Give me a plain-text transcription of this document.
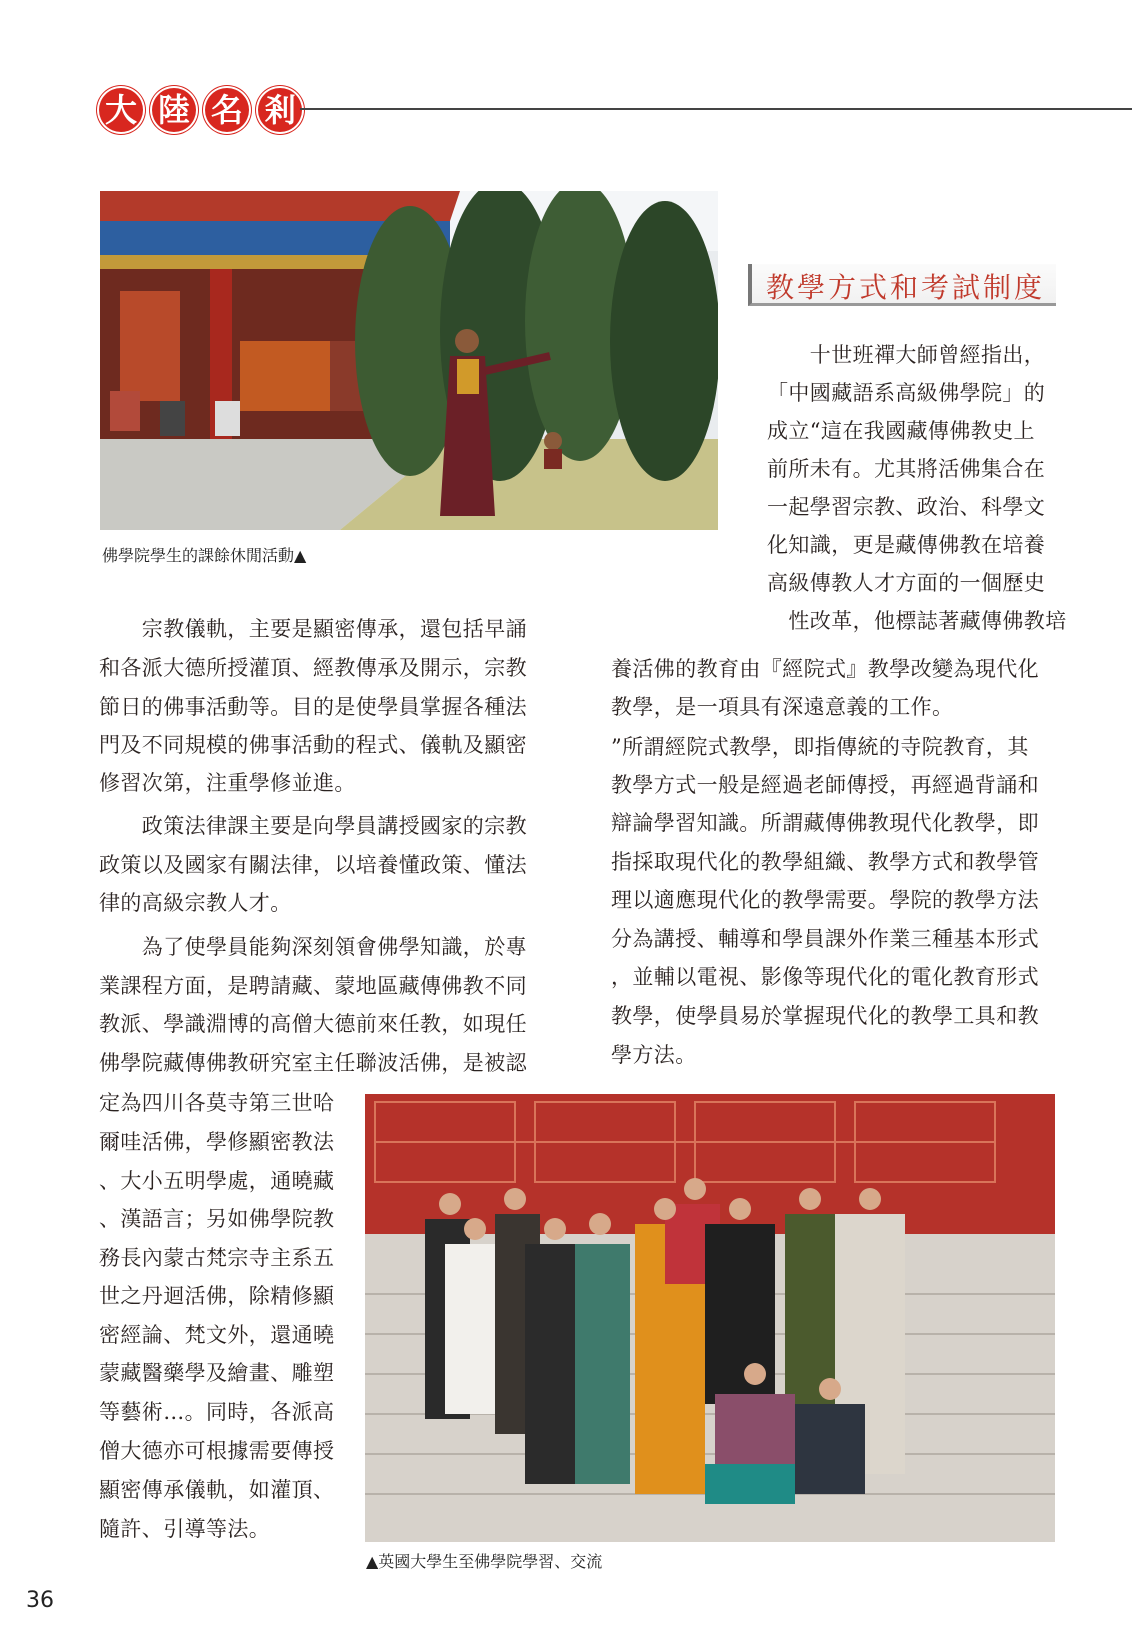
大 陸 名 剎
佛學院學生的課餘休閒活動▲
教學方式和考試制度
　　十世班禪大師曾經指出，
「中國藏語系高級佛學院」的
成立“這在我國藏傳佛教史上
前所未有。尤其將活佛集合在
一起學習宗教、政治、科學文
化知識，更是藏傳佛教在培養
高級傳教人才方面的一個歷史
　性改革，他標誌著藏傳佛教培
養活佛的教育由『經院式』教學改變為現代化
教學，是一項具有深遠意義的工作。
”所謂經院式教學，即指傳統的寺院教育，其
教學方式一般是經過老師傳授，再經過背誦和
辯論學習知識。所謂藏傳佛教現代化教學，即
指採取現代化的教學組織、教學方式和教學管
理以適應現代化的教學需要。學院的教學方法
分為講授、輔導和學員課外作業三種基本形式
，並輔以電視、影像等現代化的電化教育形式
教學，使學員易於掌握現代化的教學工具和教
學方法。
　　宗教儀軌，主要是顯密傳承，還包括早誦
和各派大德所授灌頂、經教傳承及開示，宗教
節日的佛事活動等。目的是使學員掌握各種法
門及不同規模的佛事活動的程式、儀軌及顯密
修習次第，注重學修並進。
　　政策法律課主要是向學員講授國家的宗教
政策以及國家有關法律，以培養懂政策、懂法
律的高級宗教人才。
　　為了使學員能夠深刻領會佛學知識，於專
業課程方面，是聘請藏、蒙地區藏傳佛教不同
教派、學識淵博的高僧大德前來任教，如現任
佛學院藏傳佛教研究室主任聯波活佛，是被認
定為四川各莫寺第三世哈
爾哇活佛，學修顯密教法
、大小五明學處，通曉藏
、漢語言；另如佛學院教
務長內蒙古梵宗寺主系五
世之丹迴活佛，除精修顯
密經論、梵文外，還通曉
蒙藏醫藥學及繪畫、雕塑
等藝術…。同時，各派高
僧大德亦可根據需要傳授
顯密傳承儀軌，如灌頂、
隨許、引導等法。
▲英國大學生至佛學院學習、交流
36
